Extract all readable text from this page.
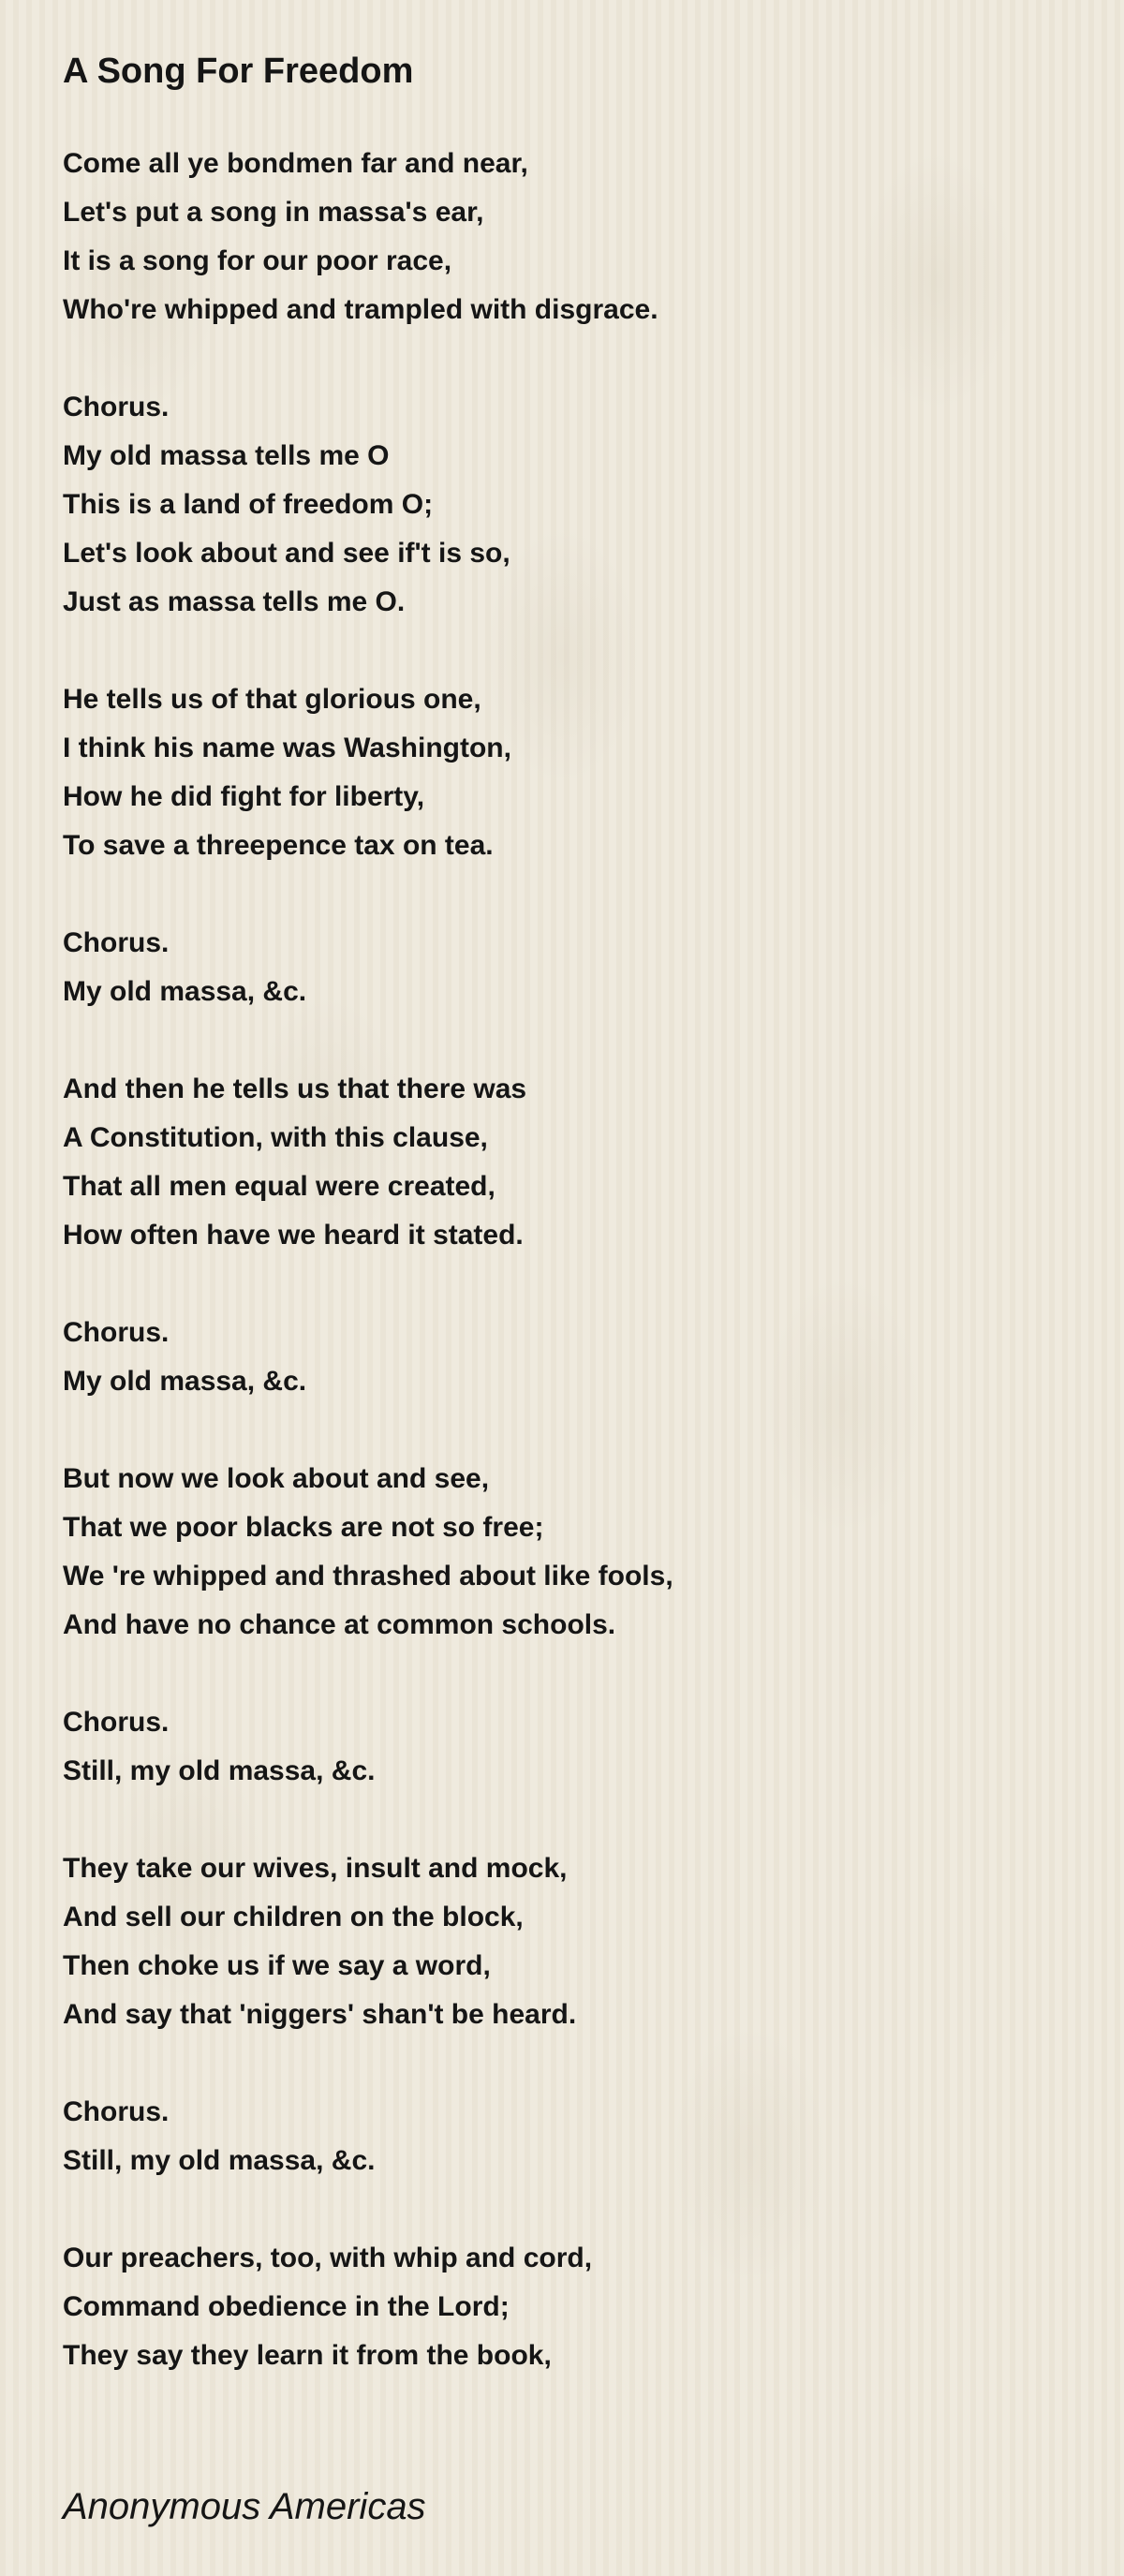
A Song For Freedom
Come all ye bondmen far and near,
Let's put a song in massa's ear,
It is a song for our poor race,
Who're whipped and trampled with disgrace.
Chorus.
My old massa tells me O
This is a land of freedom O;
Let's look about and see if't is so,
Just as massa tells me O.
He tells us of that glorious one,
I think his name was Washington,
How he did fight for liberty,
To save a threepence tax on tea.
Chorus.
My old massa, &c.
And then he tells us that there was
A Constitution, with this clause,
That all men equal were created,
How often have we heard it stated.
Chorus.
My old massa, &c.
But now we look about and see,
That we poor blacks are not so free;
We 're whipped and thrashed about like fools,
And have no chance at common schools.
Chorus.
Still, my old massa, &c.
They take our wives, insult and mock,
And sell our children on the block,
Then choke us if we say a word,
And say that 'niggers' shan't be heard.
Chorus.
Still, my old massa, &c.
Our preachers, too, with whip and cord,
Command obedience in the Lord;
They say they learn it from the book,
Anonymous Americas
